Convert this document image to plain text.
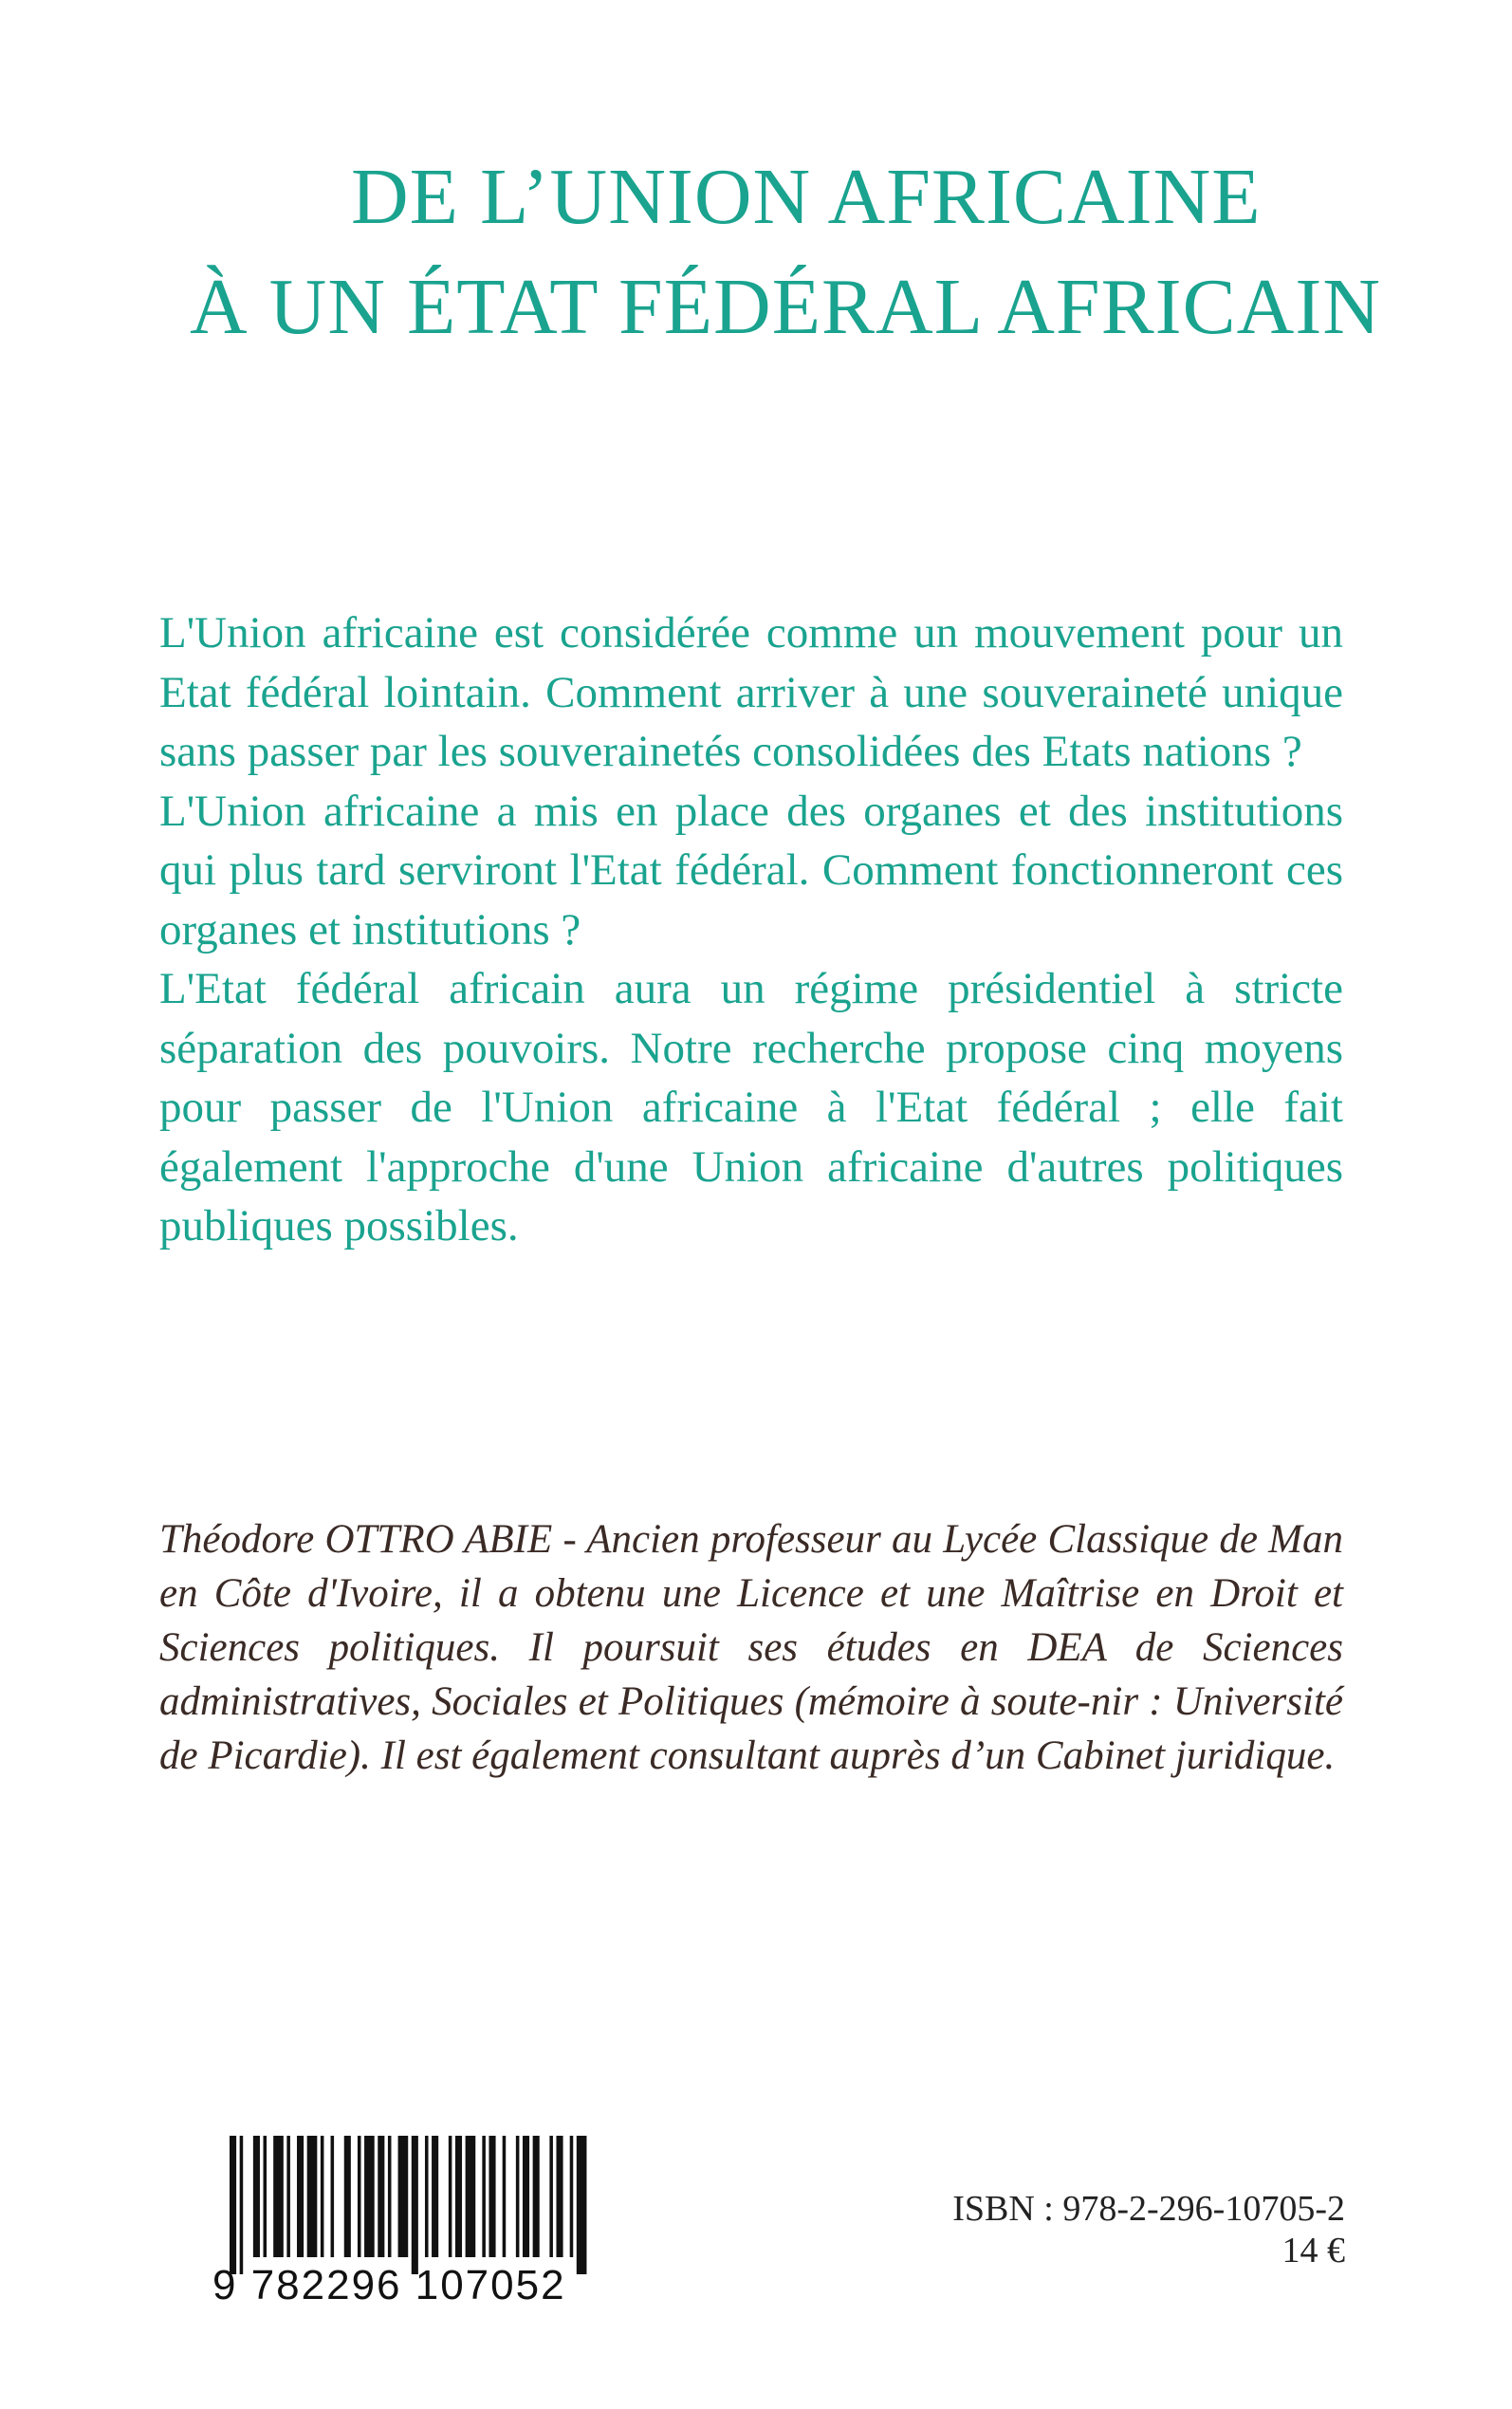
DE L’UNION AFRICAINE
À UN ÉTAT FÉDÉRAL AFRICAIN

L'Union africaine est considérée comme un mouvement pour un Etat fédéral lointain. Comment arriver à une souveraineté unique sans passer par les souverainetés consolidées des Etats nations ?

L'Union africaine a mis en place des organes et des institutions qui plus tard serviront l'Etat fédéral. Comment fonctionneront ces organes et institutions ?

L'Etat fédéral africain aura un régime présidentiel à stricte séparation des pouvoirs. Notre recherche propose cinq moyens pour passer de l'Union africaine à l'Etat fédéral ; elle fait également l'approche d'une Union africaine d'autres politiques publiques possibles.

Théodore OTTRO ABIE - Ancien professeur au Lycée Classique de Man en Côte d'Ivoire, il a obtenu une Licence et une Maîtrise en Droit et Sciences politiques. Il poursuit ses études en DEA de Sciences administratives, Sociales et Politiques (mémoire à soute-nir : Université de Picardie). Il est également consultant auprès d’un Cabinet juridique.
9 782296 107052
ISBN : 978-2-296-10705-2
14 €
